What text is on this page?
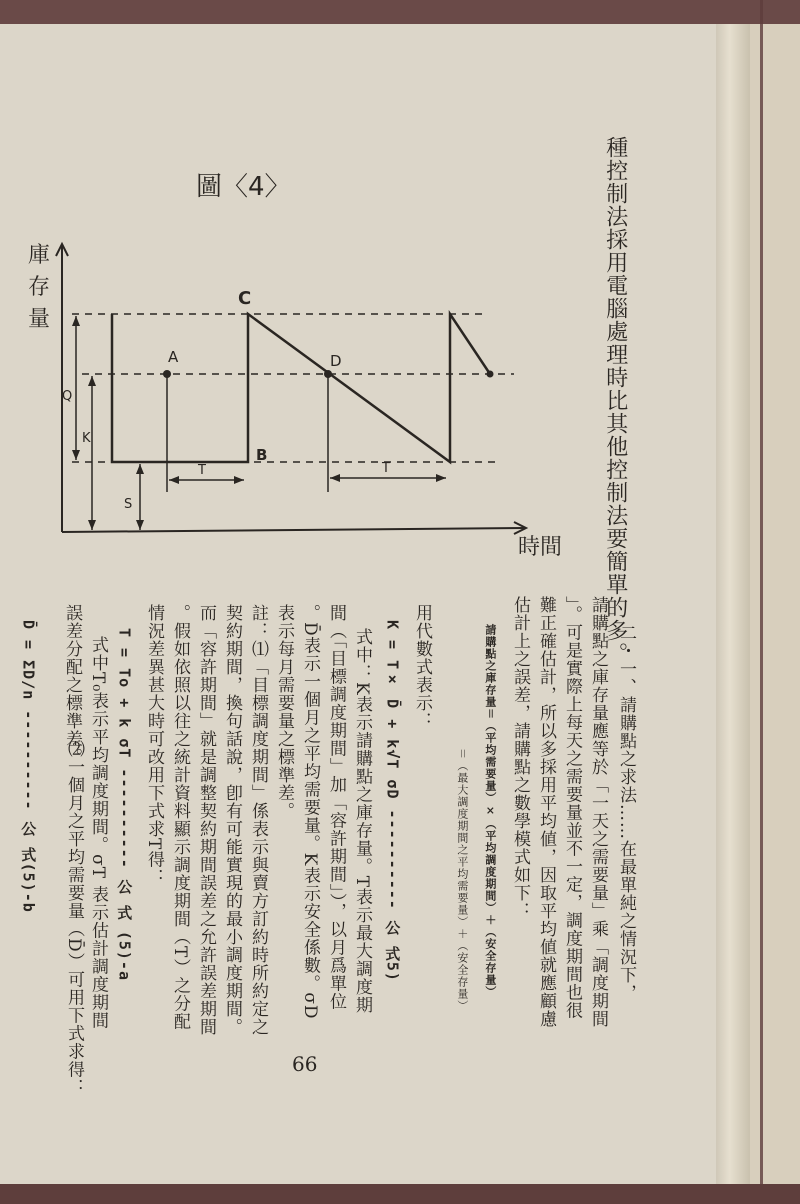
圖〈4〉
庫
存
量
時間
A
B
C
D
Q
K
S
T	T	種控制法採用電腦處理時比其他控制法要簡單的多。
二・一、請購點之求法……在最單純之情況下，
請購點之庫存量應等於「一天之需要量」乘「調度期間
」。可是實際上每天之需要量並不一定，調度期間也很
難正確估計，所以多採用平均値，因取平均値就應顧慮
估計上之誤差，請購點之數學模式如下：
請購點之庫存量＝（平均需要量）×（平均調度期間）＋（安全存量）
＝（最大調度期間之平均需要量）＋（安全存量）
用代數式表示：
K = T× D̄ + k√T σD ---------- 公 式5)
式中：K表示請購點之庫存量。T表示最大調度期
間（「目標調度期間」加「容許期間」），以月爲單位
。D̄表示一個月之平均需要量。K表示安全係數。σD
表示每月需要量之標準差。
註：⑴「目標調度期間」係表示與賣方訂約時所約定之
契約期間，換句話說，卽有可能實現的最小調度期間。
而「容許期間」就是調整契約期間誤差之允許誤差期間
。假如依照以往之統計資料顯示調度期間（T）之分配
情況差異甚大時可改用下式求T得：
T = To + k σT ---------- 公 式 (5)-a
式中T₀表示平均調度期間。σT 表示估計調度期間
誤差分配之標準差。
⑵一個月之平均需要量（D̄）可用下式求得：
D̄ = ΣD/n ---------- 公 式(5)-b
66
